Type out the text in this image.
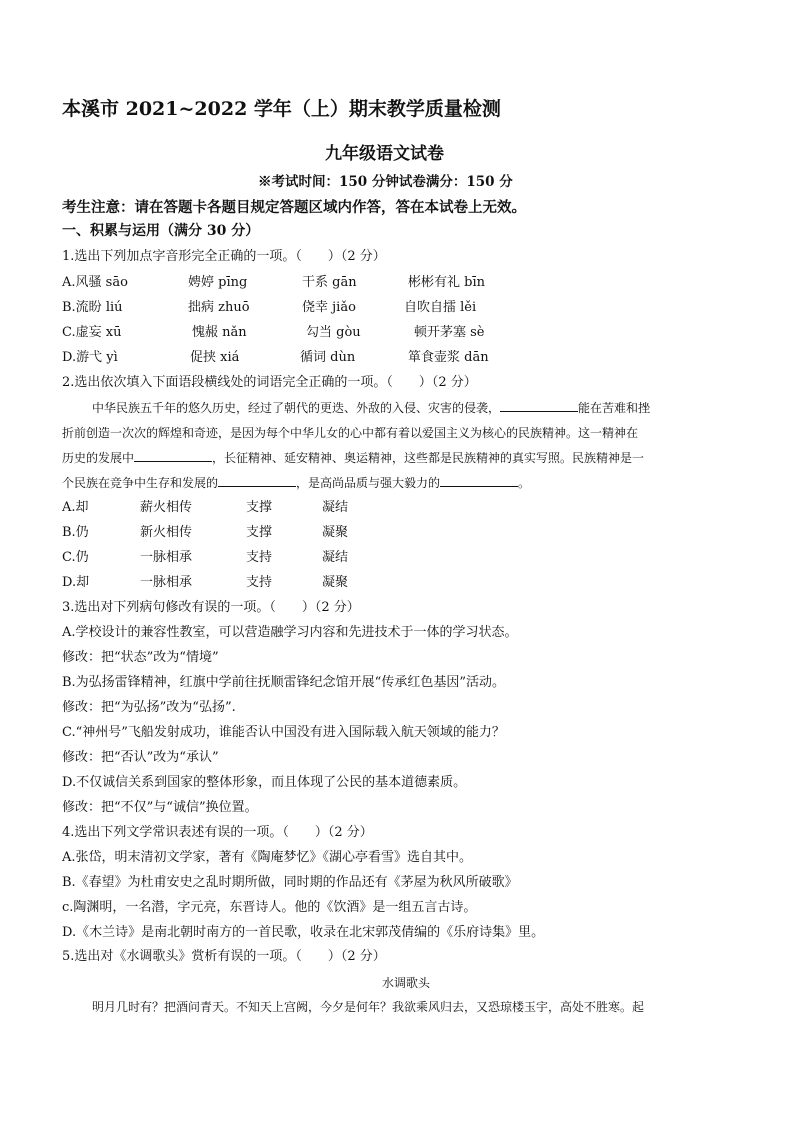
本溪市 2021~2022 学年（上）期末教学质量检测
九年级语文试卷
※考试时间：150 分钟试卷满分：150 分
考生注意：请在答题卡各题目规定答题区域内作答，答在本试卷上无效。
一、积累与运用（满分 30 分）
1.选出下列加点字音形完全正确的一项。（　　）（2 分）
A.风骚 sāo	娉婷 pīng	干系 gān	彬彬有礼 bīn
B.流盼 liú	拙病 zhuō	侥幸 jiǎo	自吹自擂 lěi
C.虚妄 xū	愧赧 nǎn	勾当 gòu	顿开茅塞 sè
D.游弋 yì	促挟 xiá	循词 dùn	箪食壶浆 dān
2.选出依次填入下面语段横线处的词语完全正确的一项。（　　）（2 分）
中华民族五千年的悠久历史，经过了朝代的更迭、外敌的入侵、灾害的侵袭，	能在苦难和挫
折前创造一次次的辉煌和奇迹，是因为每个中华儿女的心中都有着以爱国主义为核心的民族精神。这一精神在
历史的发展中	，长征精神、延安精神、奥运精神，这些都是民族精神的真实写照。民族精神是一
个民族在竞争中生存和发展的	，是高尚品质与强大毅力的	。
A.却	薪火相传	支撑	凝结
B.仍	新火相传	支撑	凝聚
C.仍	一脉相承	支持	凝结
D.却	一脉相承	支持	凝聚
3.选出对下列病句修改有误的一项。（　　）（2 分）
A.学校设计的兼容性教室，可以营造融学习内容和先进技术于一体的学习状态。
修改：把“状态”改为“情境”
B.为弘扬雷锋精神，红旗中学前往抚顺雷锋纪念馆开展“传承红色基因”活动。
修改：把“为弘扬”改为“弘扬”.
C.“神州号”飞船发射成功，谁能否认中国没有进入国际载入航天领域的能力？
修改：把“否认”改为“承认”
D.不仅诚信关系到国家的整体形象，而且体现了公民的基本道德素质。
修改：把“不仅”与“诚信”换位置。
4.选出下列文学常识表述有误的一项。（　　）（2 分）
A.张岱，明末清初文学家，著有《陶庵梦忆》《湖心亭看雪》选自其中。
B.《春望》为杜甫安史之乱时期所做，同时期的作品还有《茅屋为秋风所破歌》
c.陶渊明，一名潜，字元亮，东晋诗人。他的《饮酒》是一组五言古诗。
D.《木兰诗》是南北朝时南方的一首民歌，收录在北宋郭茂倩编的《乐府诗集》里。
5.选出对《水调歌头》赏析有误的一项。（　　）（2 分）
水调歌头
明月几时有？把酒问青天。不知天上宫阙，今夕是何年？我欲乘风归去，又恐琼楼玉宇，高处不胜寒。起
